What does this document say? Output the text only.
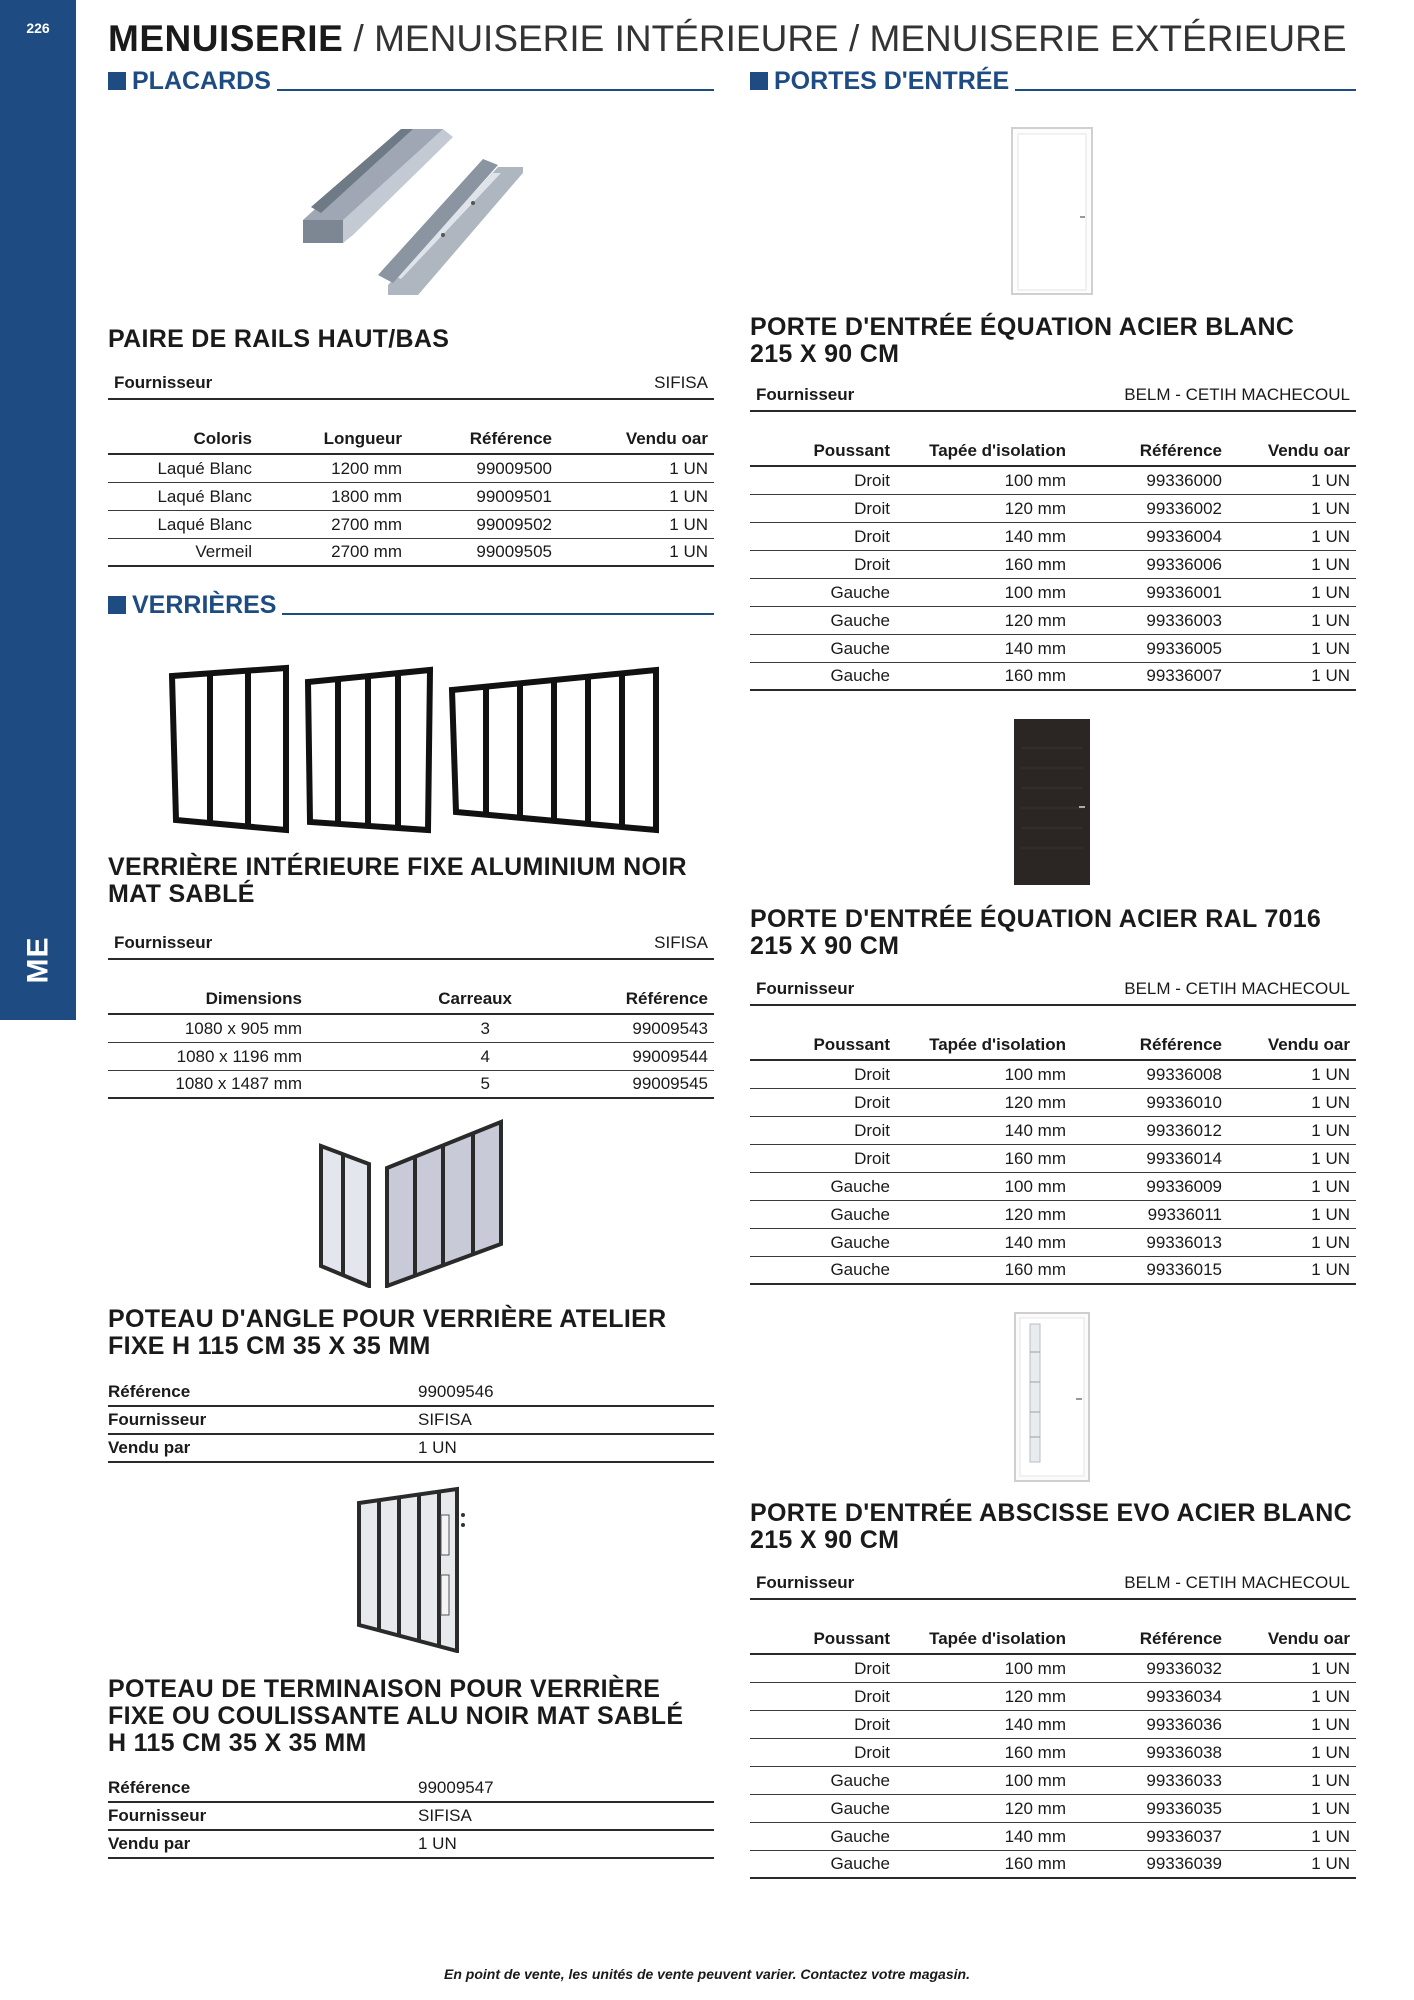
226
ME
MENUISERIE / MENUISERIE INTÉRIEURE / MENUISERIE EXTÉRIEURE
PLACARDS
PAIRE DE RAILS HAUT/BAS
Fournisseur	SIFISA
Coloris	Longueur	Référence	Vendu oar
Laqué Blanc	1200 mm	99009500	1 UN
Laqué Blanc	1800 mm	99009501	1 UN
Laqué Blanc	2700 mm	99009502	1 UN
Vermeil	2700 mm	99009505	1 UN
VERRIÈRES
VERRIÈRE INTÉRIEURE FIXE ALUMINIUM NOIR
MAT SABLÉ
Fournisseur	SIFISA
Dimensions	Carreaux	Référence
1080 x 905 mm	3	99009543
1080 x 1196 mm	4	99009544
1080 x 1487 mm	5	99009545
POTEAU D'ANGLE POUR VERRIÈRE ATELIER
FIXE H 115 CM 35 X 35 MM
Référence	99009546
Fournisseur	SIFISA
Vendu par	1 UN
POTEAU DE TERMINAISON POUR VERRIÈRE
FIXE OU COULISSANTE ALU NOIR MAT SABLÉ
H 115 CM 35 X 35 MM
Référence	99009547
Fournisseur	SIFISA
Vendu par	1 UN
PORTES D'ENTRÉE
PORTE D'ENTRÉE ÉQUATION ACIER BLANC
215 X 90 CM
Fournisseur	BELM - CETIH MACHECOUL
Poussant	Tapée d'isolation	Référence	Vendu oar
Droit	100 mm	99336000	1 UN
Droit	120 mm	99336002	1 UN
Droit	140 mm	99336004	1 UN
Droit	160 mm	99336006	1 UN
Gauche	100 mm	99336001	1 UN
Gauche	120 mm	99336003	1 UN
Gauche	140 mm	99336005	1 UN
Gauche	160 mm	99336007	1 UN
PORTE D'ENTRÉE ÉQUATION ACIER RAL 7016
215 X 90 CM
Fournisseur	BELM - CETIH MACHECOUL
Poussant	Tapée d'isolation	Référence	Vendu oar
Droit	100 mm	99336008	1 UN
Droit	120 mm	99336010	1 UN
Droit	140 mm	99336012	1 UN
Droit	160 mm	99336014	1 UN
Gauche	100 mm	99336009	1 UN
Gauche	120 mm	99336011	1 UN
Gauche	140 mm	99336013	1 UN
Gauche	160 mm	99336015	1 UN
PORTE D'ENTRÉE ABSCISSE EVO ACIER BLANC
215 X 90 CM
Fournisseur	BELM - CETIH MACHECOUL
Poussant	Tapée d'isolation	Référence	Vendu oar
Droit	100 mm	99336032	1 UN
Droit	120 mm	99336034	1 UN
Droit	140 mm	99336036	1 UN
Droit	160 mm	99336038	1 UN
Gauche	100 mm	99336033	1 UN
Gauche	120 mm	99336035	1 UN
Gauche	140 mm	99336037	1 UN
Gauche	160 mm	99336039	1 UN
En point de vente, les unités de vente peuvent varier. Contactez votre magasin.
